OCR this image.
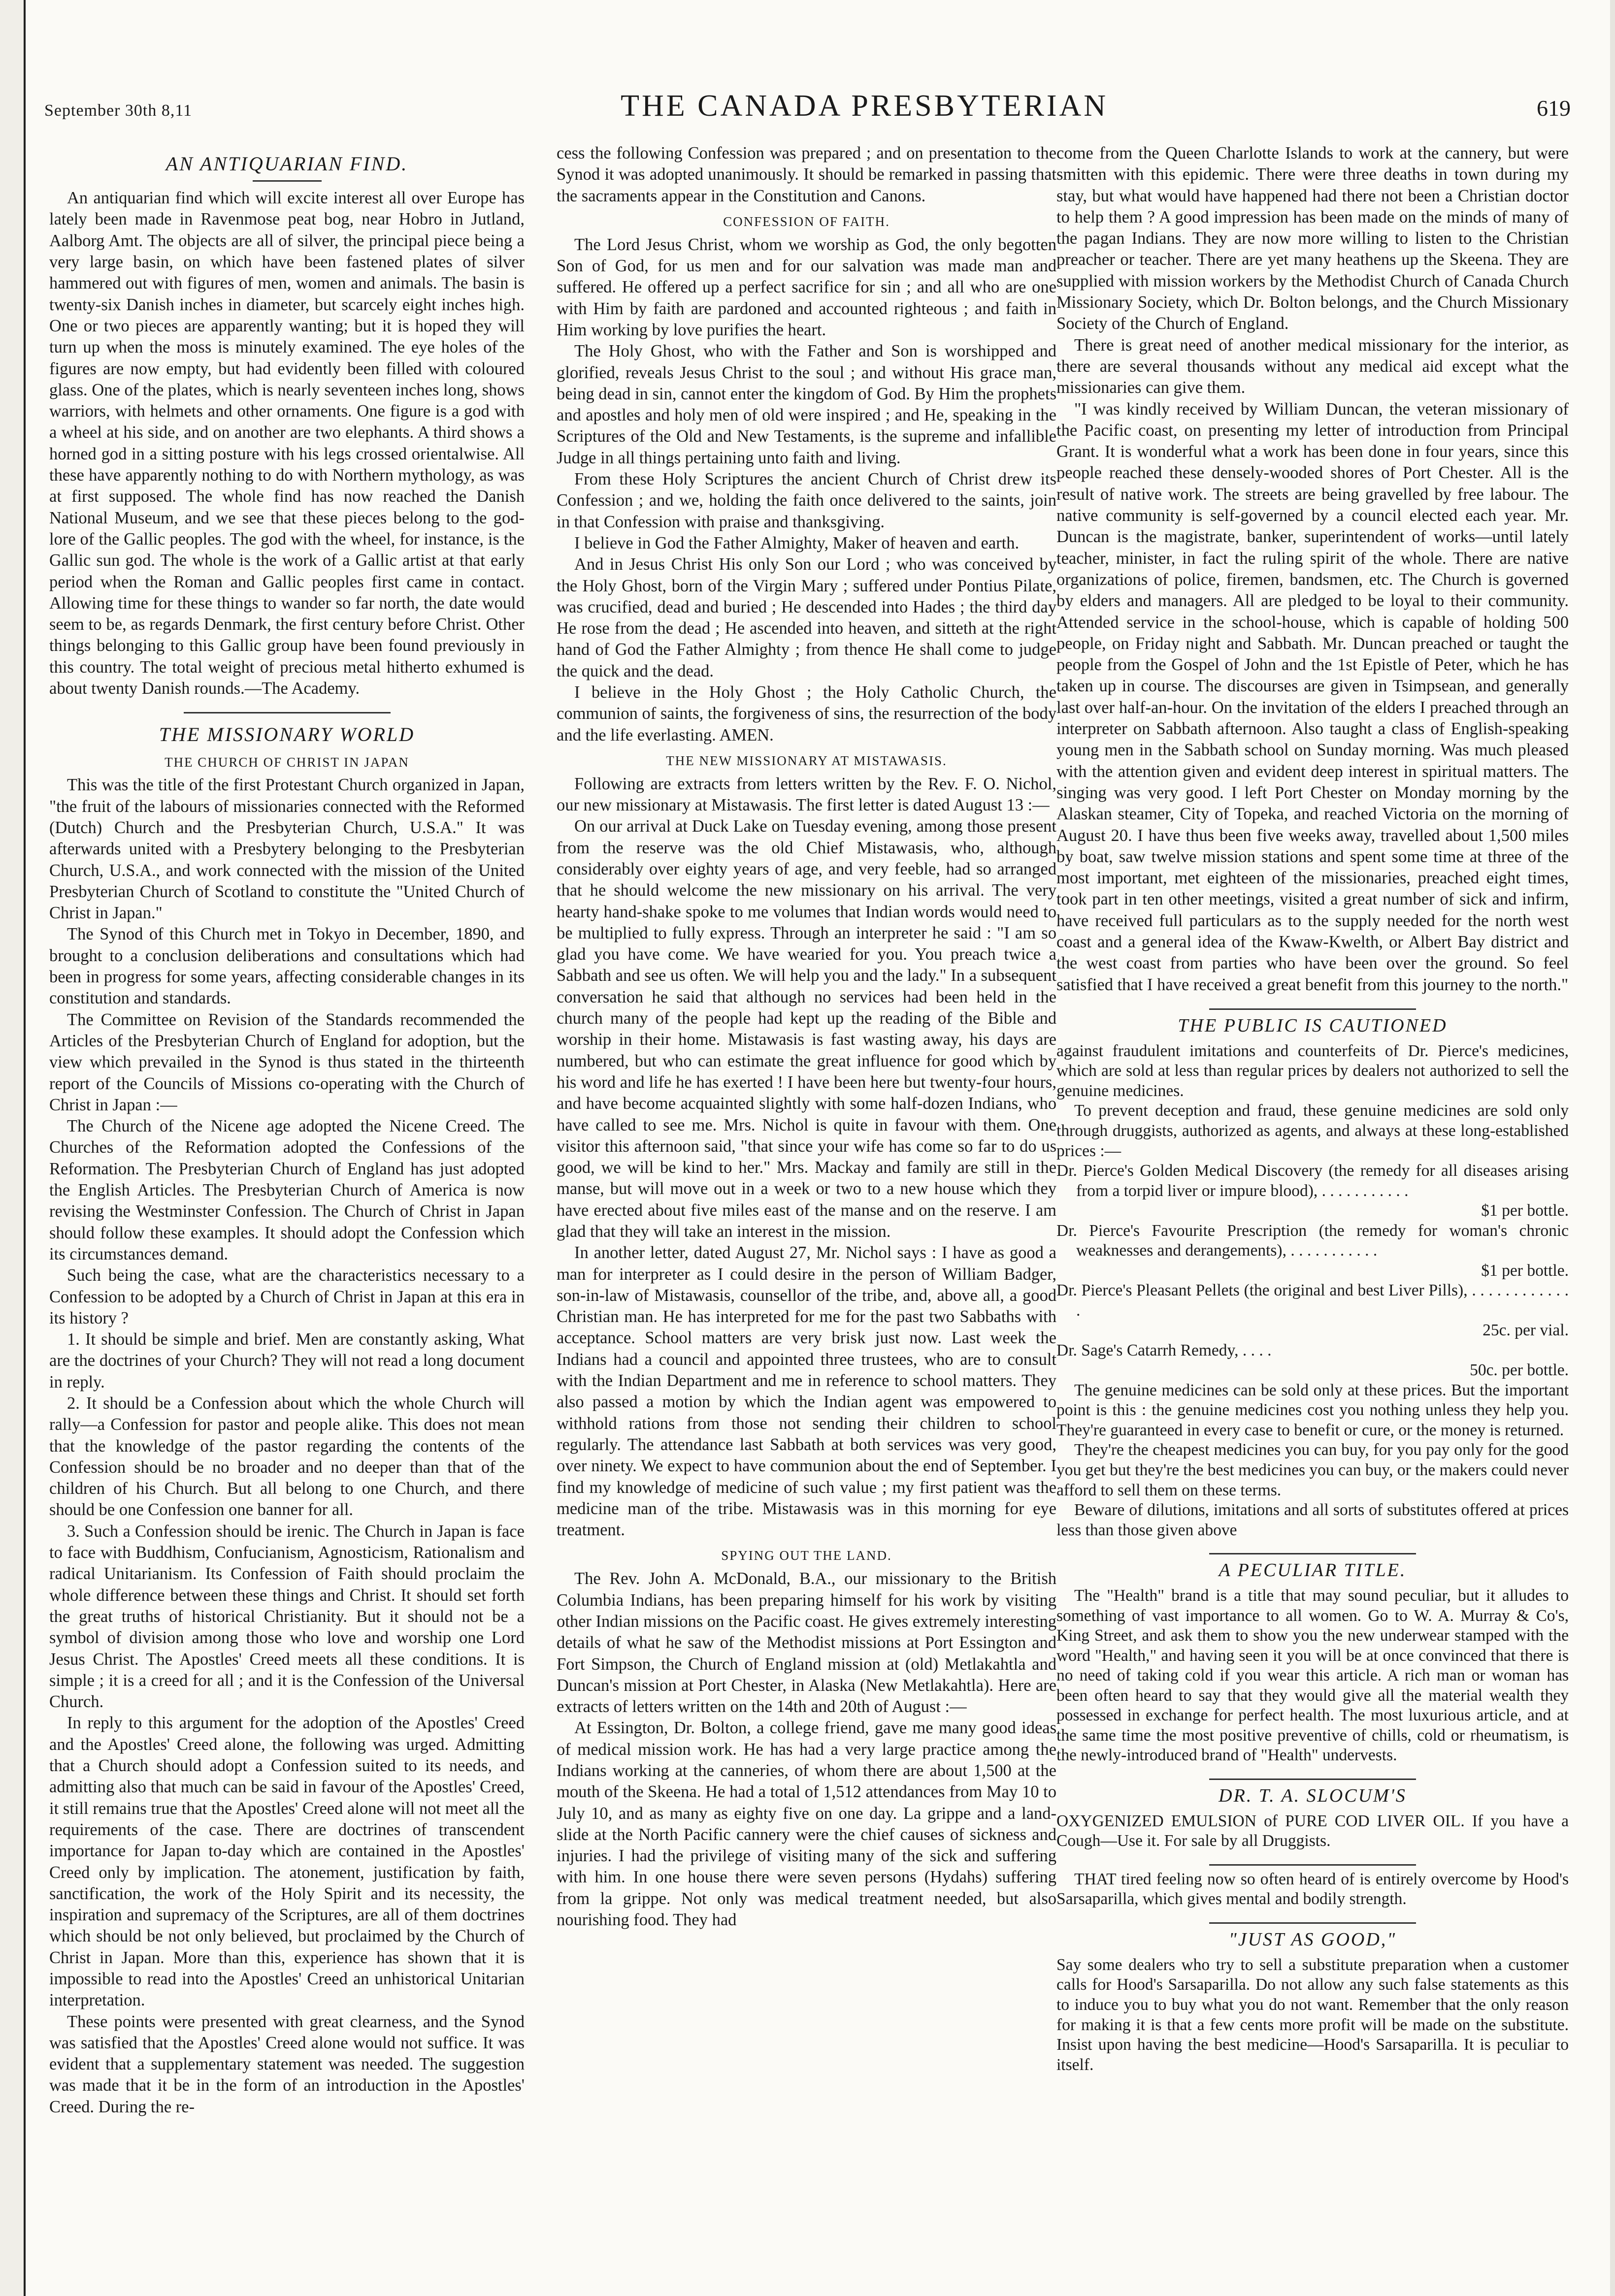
September 30th 8,11	THE CANADA PRESBYTERIAN	619
AN ANTIQUARIAN FIND.

An antiquarian find which will excite interest all over Europe has lately been made in Ravenmose peat bog, near Hobro in Jutland, Aalborg Amt. The objects are all of silver, the principal piece being a very large basin, on which have been fastened plates of silver hammered out with figures of men, women and animals. The basin is twenty-six Danish inches in diameter, but scarcely eight inches high. One or two pieces are apparently wanting; but it is hoped they will turn up when the moss is minutely examined. The eye holes of the figures are now empty, but had evidently been filled with coloured glass. One of the plates, which is nearly seventeen inches long, shows warriors, with helmets and other ornaments. One figure is a god with a wheel at his side, and on another are two elephants. A third shows a horned god in a sitting posture with his legs crossed orientalwise. All these have apparently nothing to do with Northern mythology, as was at first supposed. The whole find has now reached the Danish National Museum, and we see that these pieces belong to the god-lore of the Gallic peoples. The god with the wheel, for instance, is the Gallic sun god. The whole is the work of a Gallic artist at that early period when the Roman and Gallic peoples first came in contact. Allowing time for these things to wander so far north, the date would seem to be, as regards Denmark, the first century before Christ. Other things belonging to this Gallic group have been found previously in this country. The total weight of precious metal hitherto exhumed is about twenty Danish rounds.—The Academy.

THE MISSIONARY WORLD
THE CHURCH OF CHRIST IN JAPAN

This was the title of the first Protestant Church organized in Japan, "the fruit of the labours of missionaries connected with the Reformed (Dutch) Church and the Presbyterian Church, U.S.A." It was afterwards united with a Presbytery belonging to the Presbyterian Church, U.S.A., and work connected with the mission of the United Presbyterian Church of Scotland to constitute the "United Church of Christ in Japan."

The Synod of this Church met in Tokyo in December, 1890, and brought to a conclusion deliberations and consultations which had been in progress for some years, affecting considerable changes in its constitution and standards.

The Committee on Revision of the Standards recommended the Articles of the Presbyterian Church of England for adoption, but the view which prevailed in the Synod is thus stated in the thirteenth report of the Councils of Missions co-operating with the Church of Christ in Japan :—

The Church of the Nicene age adopted the Nicene Creed. The Churches of the Reformation adopted the Confessions of the Reformation. The Presbyterian Church of England has just adopted the English Articles. The Presbyterian Church of America is now revising the Westminster Confession. The Church of Christ in Japan should follow these examples. It should adopt the Confession which its circumstances demand.

Such being the case, what are the characteristics necessary to a Confession to be adopted by a Church of Christ in Japan at this era in its history ?

1. It should be simple and brief. Men are constantly asking, What are the doctrines of your Church? They will not read a long document in reply.

2. It should be a Confession about which the whole Church will rally—a Confession for pastor and people alike. This does not mean that the knowledge of the pastor regarding the contents of the Confession should be no broader and no deeper than that of the children of his Church. But all belong to one Church, and there should be one Confession one banner for all.

3. Such a Confession should be irenic. The Church in Japan is face to face with Buddhism, Confucianism, Agnosticism, Rationalism and radical Unitarianism. Its Confession of Faith should proclaim the whole difference between these things and Christ. It should set forth the great truths of historical Christianity. But it should not be a symbol of division among those who love and worship one Lord Jesus Christ. The Apostles' Creed meets all these conditions. It is simple ; it is a creed for all ; and it is the Confession of the Universal Church.

In reply to this argument for the adoption of the Apostles' Creed and the Apostles' Creed alone, the following was urged. Admitting that a Church should adopt a Confession suited to its needs, and admitting also that much can be said in favour of the Apostles' Creed, it still remains true that the Apostles' Creed alone will not meet all the requirements of the case. There are doctrines of transcendent importance for Japan to-day which are contained in the Apostles' Creed only by implication. The atonement, justification by faith, sanctification, the work of the Holy Spirit and its necessity, the inspiration and supremacy of the Scriptures, are all of them doctrines which should be not only believed, but proclaimed by the Church of Christ in Japan. More than this, experience has shown that it is impossible to read into the Apostles' Creed an unhistorical Unitarian interpretation.

These points were presented with great clearness, and the Synod was satisfied that the Apostles' Creed alone would not suffice. It was evident that a supplementary statement was needed. The suggestion was made that it be in the form of an introduction in the Apostles' Creed. During the re-

cess the following Confession was prepared ; and on presentation to the Synod it was adopted unanimously. It should be remarked in passing that the sacraments appear in the Constitution and Canons.

CONFESSION OF FAITH.

The Lord Jesus Christ, whom we worship as God, the only begotten Son of God, for us men and for our salvation was made man and suffered. He offered up a perfect sacrifice for sin ; and all who are one with Him by faith are pardoned and accounted righteous ; and faith in Him working by love purifies the heart.

The Holy Ghost, who with the Father and Son is worshipped and glorified, reveals Jesus Christ to the soul ; and without His grace man, being dead in sin, cannot enter the kingdom of God. By Him the prophets and apostles and holy men of old were inspired ; and He, speaking in the Scriptures of the Old and New Testaments, is the supreme and infallible Judge in all things pertaining unto faith and living.

From these Holy Scriptures the ancient Church of Christ drew its Confession ; and we, holding the faith once delivered to the saints, join in that Confession with praise and thanksgiving.

I believe in God the Father Almighty, Maker of heaven and earth.

And in Jesus Christ His only Son our Lord ; who was conceived by the Holy Ghost, born of the Virgin Mary ; suffered under Pontius Pilate, was crucified, dead and buried ; He descended into Hades ; the third day He rose from the dead ; He ascended into heaven, and sitteth at the right hand of God the Father Almighty ; from thence He shall come to judge the quick and the dead.

I believe in the Holy Ghost ; the Holy Catholic Church, the communion of saints, the forgiveness of sins, the resurrection of the body and the life everlasting. AMEN.

THE NEW MISSIONARY AT MISTAWASIS.

Following are extracts from letters written by the Rev. F. O. Nichol, our new missionary at Mistawasis. The first letter is dated August 13 :—

On our arrival at Duck Lake on Tuesday evening, among those present from the reserve was the old Chief Mistawasis, who, although considerably over eighty years of age, and very feeble, had so arranged that he should welcome the new missionary on his arrival. The very hearty hand-shake spoke to me volumes that Indian words would need to be multiplied to fully express. Through an interpreter he said : "I am so glad you have come. We have wearied for you. You preach twice a Sabbath and see us often. We will help you and the lady." In a subsequent conversation he said that although no services had been held in the church many of the people had kept up the reading of the Bible and worship in their home. Mistawasis is fast wasting away, his days are numbered, but who can estimate the great influence for good which by his word and life he has exerted ! I have been here but twenty-four hours, and have become acquainted slightly with some half-dozen Indians, who have called to see me. Mrs. Nichol is quite in favour with them. One visitor this afternoon said, "that since your wife has come so far to do us good, we will be kind to her." Mrs. Mackay and family are still in the manse, but will move out in a week or two to a new house which they have erected about five miles east of the manse and on the reserve. I am glad that they will take an interest in the mission.

In another letter, dated August 27, Mr. Nichol says : I have as good a man for interpreter as I could desire in the person of William Badger, son-in-law of Mistawasis, counsellor of the tribe, and, above all, a good Christian man. He has interpreted for me for the past two Sabbaths with acceptance. School matters are very brisk just now. Last week the Indians had a council and appointed three trustees, who are to consult with the Indian Department and me in reference to school matters. They also passed a motion by which the Indian agent was empowered to withhold rations from those not sending their children to school regularly. The attendance last Sabbath at both services was very good, over ninety. We expect to have communion about the end of September. I find my knowledge of medicine of such value ; my first patient was the medicine man of the tribe. Mistawasis was in this morning for eye treatment.

SPYING OUT THE LAND.

The Rev. John A. McDonald, B.A., our missionary to the British Columbia Indians, has been preparing himself for his work by visiting other Indian missions on the Pacific coast. He gives extremely interesting details of what he saw of the Methodist missions at Port Essington and Fort Simpson, the Church of England mission at (old) Metlakahtla and Duncan's mission at Port Chester, in Alaska (New Metlakahtla). Here are extracts of letters written on the 14th and 20th of August :—

At Essington, Dr. Bolton, a college friend, gave me many good ideas of medical mission work. He has had a very large practice among the Indians working at the canneries, of whom there are about 1,500 at the mouth of the Skeena. He had a total of 1,512 attendances from May 10 to July 10, and as many as eighty five on one day. La grippe and a land-slide at the North Pacific cannery were the chief causes of sickness and injuries. I had the privilege of visiting many of the sick and suffering with him. In one house there were seven persons (Hydahs) suffering from la grippe. Not only was medical treatment needed, but also nourishing food. They had

come from the Queen Charlotte Islands to work at the cannery, but were smitten with this epidemic. There were three deaths in town during my stay, but what would have happened had there not been a Christian doctor to help them ? A good impression has been made on the minds of many of the pagan Indians. They are now more willing to listen to the Christian preacher or teacher. There are yet many heathens up the Skeena. They are supplied with mission workers by the Methodist Church of Canada Church Missionary Society, which Dr. Bolton belongs, and the Church Missionary Society of the Church of England.

There is great need of another medical missionary for the interior, as there are several thousands without any medical aid except what the missionaries can give them.

"I was kindly received by William Duncan, the veteran missionary of the Pacific coast, on presenting my letter of introduction from Principal Grant. It is wonderful what a work has been done in four years, since this people reached these densely-wooded shores of Port Chester. All is the result of native work. The streets are being gravelled by free labour. The native community is self-governed by a council elected each year. Mr. Duncan is the magistrate, banker, superintendent of works—until lately teacher, minister, in fact the ruling spirit of the whole. There are native organizations of police, firemen, bandsmen, etc. The Church is governed by elders and managers. All are pledged to be loyal to their community. Attended service in the school-house, which is capable of holding 500 people, on Friday night and Sabbath. Mr. Duncan preached or taught the people from the Gospel of John and the 1st Epistle of Peter, which he has taken up in course. The discourses are given in Tsimpsean, and generally last over half-an-hour. On the invitation of the elders I preached through an interpreter on Sabbath afternoon. Also taught a class of English-speaking young men in the Sabbath school on Sunday morning. Was much pleased with the attention given and evident deep interest in spiritual matters. The singing was very good. I left Port Chester on Monday morning by the Alaskan steamer, City of Topeka, and reached Victoria on the morning of August 20. I have thus been five weeks away, travelled about 1,500 miles by boat, saw twelve mission stations and spent some time at three of the most important, met eighteen of the missionaries, preached eight times, took part in ten other meetings, visited a great number of sick and infirm, have received full particulars as to the supply needed for the north west coast and a general idea of the Kwaw-Kwelth, or Albert Bay district and the west coast from parties who have been over the ground. So feel satisfied that I have received a great benefit from this journey to the north."

THE PUBLIC IS CAUTIONED

against fraudulent imitations and counterfeits of Dr. Pierce's medicines, which are sold at less than regular prices by dealers not authorized to sell the genuine medicines.

To prevent deception and fraud, these genuine medicines are sold only through druggists, authorized as agents, and always at these long-established prices :—

Dr. Pierce's Golden Medical Discovery (the remedy for all diseases arising from a torpid liver or impure blood), . . . . . . . . . . .
$1 per bottle.

Dr. Pierce's Favourite Prescription (the remedy for woman's chronic weaknesses and derangements), . . . . . . . . . . .
$1 per bottle.

Dr. Pierce's Pleasant Pellets (the original and best Liver Pills), . . . . . . . . . . . . .
25c. per vial.

Dr. Sage's Catarrh Remedy, . . . .
50c. per bottle.

The genuine medicines can be sold only at these prices. But the important point is this : the genuine medicines cost you nothing unless they help you. They're guaranteed in every case to benefit or cure, or the money is returned.

They're the cheapest medicines you can buy, for you pay only for the good you get but they're the best medicines you can buy, or the makers could never afford to sell them on these terms.

Beware of dilutions, imitations and all sorts of substitutes offered at prices less than those given above

A PECULIAR TITLE.

The "Health" brand is a title that may sound peculiar, but it alludes to something of vast importance to all women. Go to W. A. Murray & Co's, King Street, and ask them to show you the new underwear stamped with the word "Health," and having seen it you will be at once convinced that there is no need of taking cold if you wear this article. A rich man or woman has been often heard to say that they would give all the material wealth they possessed in exchange for perfect health. The most luxurious article, and at the same time the most positive preventive of chills, cold or rheumatism, is the newly-introduced brand of "Health" undervests.

DR. T. A. SLOCUM'S

OXYGENIZED EMULSION of PURE COD LIVER OIL. If you have a Cough—Use it. For sale by all Druggists.

THAT tired feeling now so often heard of is entirely overcome by Hood's Sarsaparilla, which gives mental and bodily strength.

"JUST AS GOOD,"

Say some dealers who try to sell a substitute preparation when a customer calls for Hood's Sarsaparilla. Do not allow any such false statements as this to induce you to buy what you do not want. Remember that the only reason for making it is that a few cents more profit will be made on the substitute. Insist upon having the best medicine—Hood's Sarsaparilla. It is peculiar to itself.
